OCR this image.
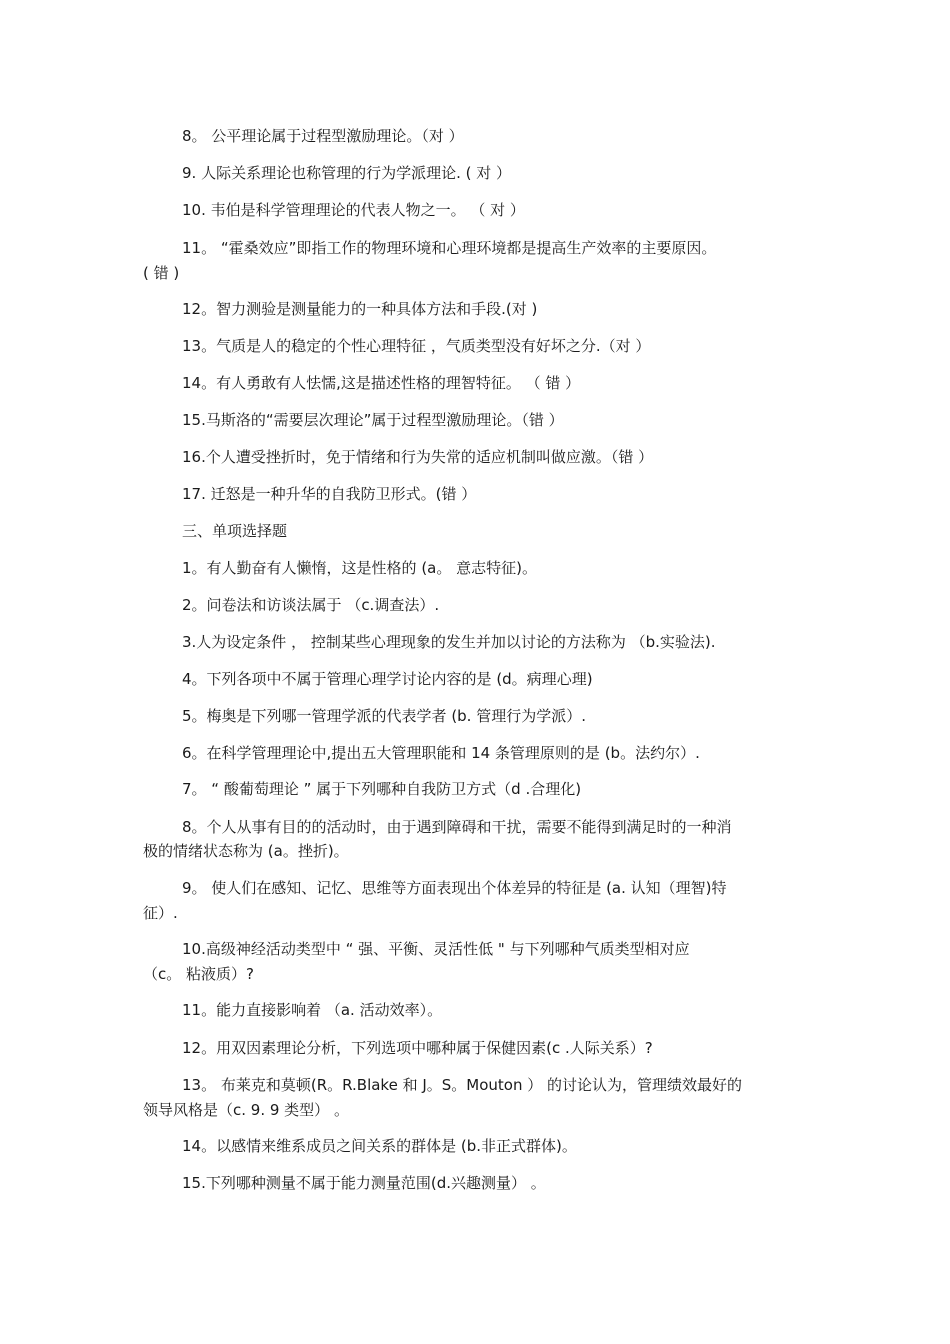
8。 公平理论属于过程型激励理论。（对 ）
9. 人际关系理论也称管理的行为学派理论. ( 对 ）
10. 韦伯是科学管理理论的代表人物之一。 （ 对 ）
11。 “霍桑效应”即指工作的物理环境和心理环境都是提高生产效率的主要原因。
( 错 )
12。智力测验是测量能力的一种具体方法和手段.(对 )
13。气质是人的稳定的个性心理特征 ，气质类型没有好坏之分.（对 ）
14。有人勇敢有人怯懦,这是描述性格的理智特征。 （ 错 ）
15.马斯洛的“需要层次理论”属于过程型激励理论。（错 ）
16.个人遭受挫折时，免于情绪和行为失常的适应机制叫做应激。（错 ）
17. 迁怒是一种升华的自我防卫形式。(错 ）
三、单项选择题
1。有人勤奋有人懒惰，这是性格的 (a。 意志特征)。
2。问卷法和访谈法属于 （c.调查法）.
3.人为设定条件 ， 控制某些心理现象的发生并加以讨论的方法称为 （b.实验法).
4。下列各项中不属于管理心理学讨论内容的是 (d。病理心理)
5。梅奥是下列哪一管理学派的代表学者 (b. 管理行为学派）.
6。在科学管理理论中,提出五大管理职能和 14 条管理原则的是 (b。法约尔）.
7。 “ 酸葡萄理论 ” 属于下列哪种自我防卫方式（d .合理化)
8。个人从事有目的的活动时，由于遇到障碍和干扰，需要不能得到满足时的一种消
极的情绪状态称为 (a。挫折)。
9。 使人们在感知、记忆、思维等方面表现出个体差异的特征是 (a. 认知（理智)特
征）.
10.高级神经活动类型中 “ 强、平衡、灵活性低 " 与下列哪种气质类型相对应
（c。 粘液质）?
11。能力直接影响着 （a. 活动效率）。
12。用双因素理论分析，下列选项中哪种属于保健因素(c .人际关系）?
13。 布莱克和莫顿(R。R.Blake 和 J。S。Mouton ） 的讨论认为，管理绩效最好的
领导风格是（c. 9. 9 类型） 。
14。以感情来维系成员之间关系的群体是 (b.非正式群体)。
15.下列哪种测量不属于能力测量范围(d.兴趣测量） 。
